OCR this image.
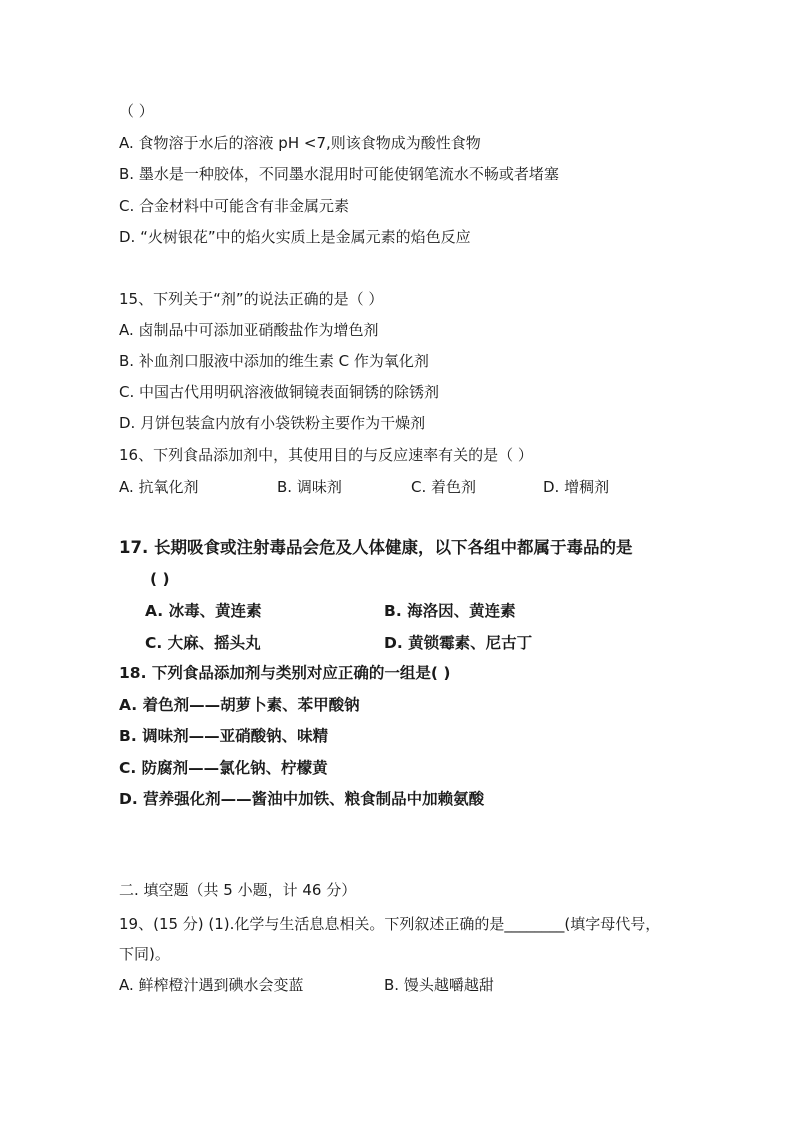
（ ）
A. 食物溶于水后的溶液 pH <7,则该食物成为酸性食物
B. 墨水是一种胶体，不同墨水混用时可能使钢笔流水不畅或者堵塞
C. 合金材料中可能含有非金属元素
D. “火树银花”中的焰火实质上是金属元素的焰色反应
15、下列关于“剂”的说法正确的是（ ）
A. 卤制品中可添加亚硝酸盐作为增色剂
B. 补血剂口服液中添加的维生素 C 作为氧化剂
C. 中国古代用明矾溶液做铜镜表面铜锈的除锈剂
D. 月饼包装盒内放有小袋铁粉主要作为干燥剂
16、下列食品添加剂中，其使用目的与反应速率有关的是（ ）
A. 抗氧化剂	B. 调味剂	C. 着色剂	D. 增稠剂
17. 长期吸食或注射毒品会危及人体健康，以下各组中都属于毒品的是
( )
A. 冰毒、黄连素	B. 海洛因、黄连素
C. 大麻、摇头丸	D. 黄锁霉素、尼古丁
18. 下列食品添加剂与类别对应正确的一组是( )
A. 着色剂——胡萝卜素、苯甲酸钠
B. 调味剂——亚硝酸钠、味精
C. 防腐剂——氯化钠、柠檬黄
D. 营养强化剂——酱油中加铁、粮食制品中加赖氨酸
二. 填空题（共 5 小题，计 46 分）
19、(15 分) (1).化学与生活息息相关。下列叙述正确的是________(填字母代号，
下同)。
A. 鲜榨橙汁遇到碘水会变蓝	B. 馒头越嚼越甜
